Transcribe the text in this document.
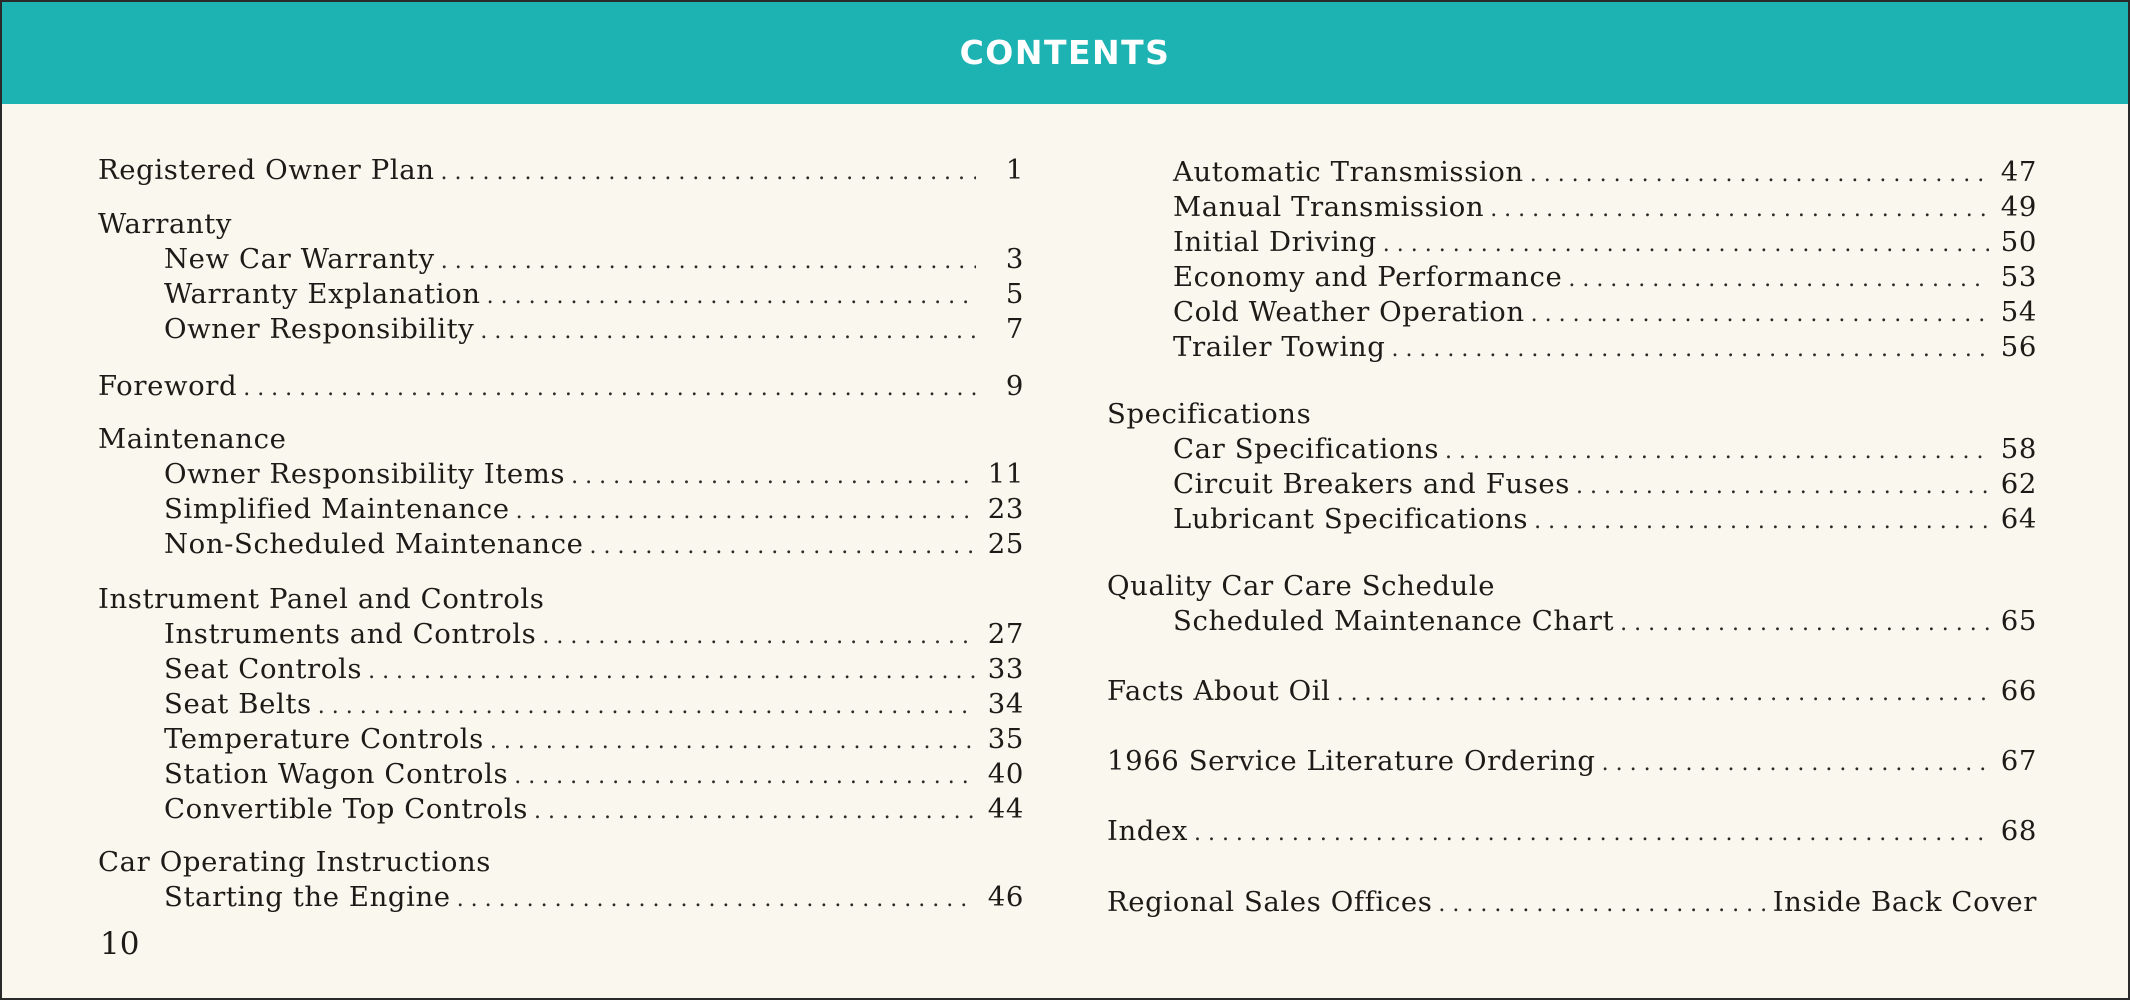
CONTENTS
Registered Owner Plan . . .	1
Warranty
New Car Warranty . . .	3
Warranty Explanation . . .	5
Owner Responsibility . . .	7
Foreword . . .	9
Maintenance
Owner Responsibility Items . . .	11
Simplified Maintenance . . .	23
Non-Scheduled Maintenance . . .	25
Instrument Panel and Controls
Instruments and Controls . . .	27
Seat Controls . . .	33
Seat Belts . . .	34
Temperature Controls . . .	35
Station Wagon Controls . . .	40
Convertible Top Controls . . .	44
Car Operating Instructions
Starting the Engine . . .	46
Automatic Transmission . . .	47
Manual Transmission . . .	49
Initial Driving . . .	50
Economy and Performance . . .	53
Cold Weather Operation . . .	54
Trailer Towing . . .	56
Specifications
Car Specifications . . .	58
Circuit Breakers and Fuses . . .	62
Lubricant Specifications . . .	64
Quality Car Care Schedule
Scheduled Maintenance Chart . . .	65
Facts About Oil . . .	66
1966 Service Literature Ordering . . .	67
Index . . .	68
Regional Sales Offices . . .	Inside Back Cover
10
